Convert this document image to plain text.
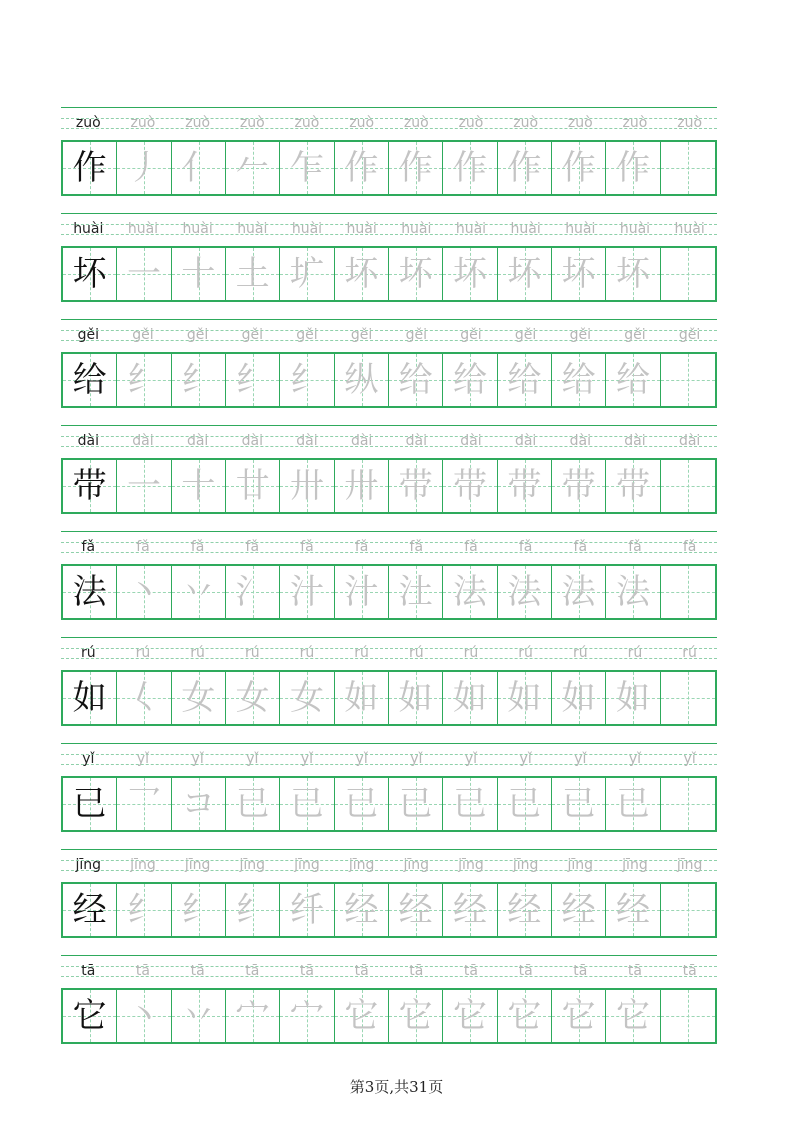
zuò	zuò	zuò	zuò	zuò	zuò	zuò	zuò	zuò	zuò	zuò	zuò
作 丿 亻 𠂉 乍 作 作 作 作 作 作
huài	huài	huài	huài	huài	huài	huài	huài	huài	huài	huài	huài
坏 一 十 土 圹 坏 坏 坏 坏 坏 坏
gěi	gěi	gěi	gěi	gěi	gěi	gěi	gěi	gěi	gěi	gěi	gěi
给 纟 纟 纟 纟 纵 给 给 给 给 给
dài	dài	dài	dài	dài	dài	dài	dài	dài	dài	dài	dài
带 一 十 廿 卅 卅 带 带 带 带 带
fǎ	fǎ	fǎ	fǎ	fǎ	fǎ	fǎ	fǎ	fǎ	fǎ	fǎ	fǎ
法 丶 丷 氵 汁 汁 汢 法 法 法 法
rú	rú	rú	rú	rú	rú	rú	rú	rú	rú	rú	rú
如 𡿨 女 女 女 如 如 如 如 如 如
yǐ	yǐ	yǐ	yǐ	yǐ	yǐ	yǐ	yǐ	yǐ	yǐ	yǐ	yǐ
已 乛 コ 已 已 已 已 已 已 已 已
jīng	jīng	jīng	jīng	jīng	jīng	jīng	jīng	jīng	jīng	jīng	jīng
经 纟 纟 纟 纤 经 经 经 经 经 经
tā	tā	tā	tā	tā	tā	tā	tā	tā	tā	tā	tā
它 丶 丷 宀 宀 它 它 它 它 它 它
第3页,共31页
